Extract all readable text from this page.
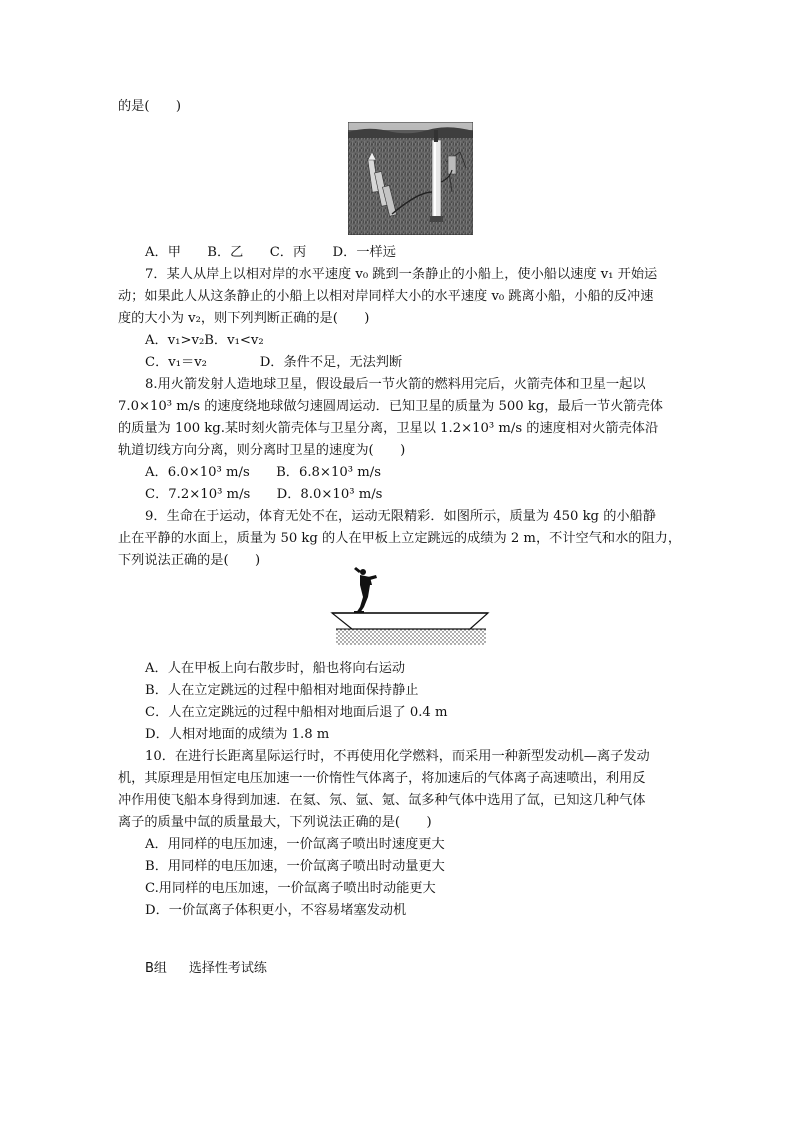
的是(　　)
A．甲　　B．乙　　C．丙　　D．一样远
7．某人从岸上以相对岸的水平速度 v₀ 跳到一条静止的小船上，使小船以速度 v₁ 开始运
动；如果此人从这条静止的小船上以相对岸同样大小的水平速度 v₀ 跳离小船，小船的反冲速
度的大小为 v₂，则下列判断正确的是(　　)
A．v₁>v₂B．v₁<v₂
C．v₁＝v₂　　　　D．条件不足，无法判断
8.用火箭发射人造地球卫星，假设最后一节火箭的燃料用完后，火箭壳体和卫星一起以
7.0×10³ m/s 的速度绕地球做匀速圆周运动．已知卫星的质量为 500 kg，最后一节火箭壳体
的质量为 100 kg.某时刻火箭壳体与卫星分离，卫星以 1.2×10³ m/s 的速度相对火箭壳体沿
轨道切线方向分离，则分离时卫星的速度为(　　)
A．6.0×10³ m/s　　B．6.8×10³ m/s
C．7.2×10³ m/s　　D．8.0×10³ m/s
9．生命在于运动，体育无处不在，运动无限精彩．如图所示，质量为 450 kg 的小船静
止在平静的水面上，质量为 50 kg 的人在甲板上立定跳远的成绩为 2 m，不计空气和水的阻力，
下列说法正确的是(　　)
A．人在甲板上向右散步时，船也将向右运动
B．人在立定跳远的过程中船相对地面保持静止
C．人在立定跳远的过程中船相对地面后退了 0.4 m
D．人相对地面的成绩为 1.8 m
10．在进行长距离星际运行时，不再使用化学燃料，而采用一种新型发动机—离子发动
机，其原理是用恒定电压加速一一价惰性气体离子，将加速后的气体离子高速喷出，利用反
冲作用使飞船本身得到加速．在氦、氖、氩、氪、氙多种气体中选用了氙，已知这几种气体
离子的质量中氙的质量最大，下列说法正确的是(　　)
A．用同样的电压加速，一价氙离子喷出时速度更大
B．用同样的电压加速，一价氙离子喷出时动量更大
C.用同样的电压加速，一价氙离子喷出时动能更大
D．一价氙离子体积更小，不容易堵塞发动机
B组 选择性考试练
